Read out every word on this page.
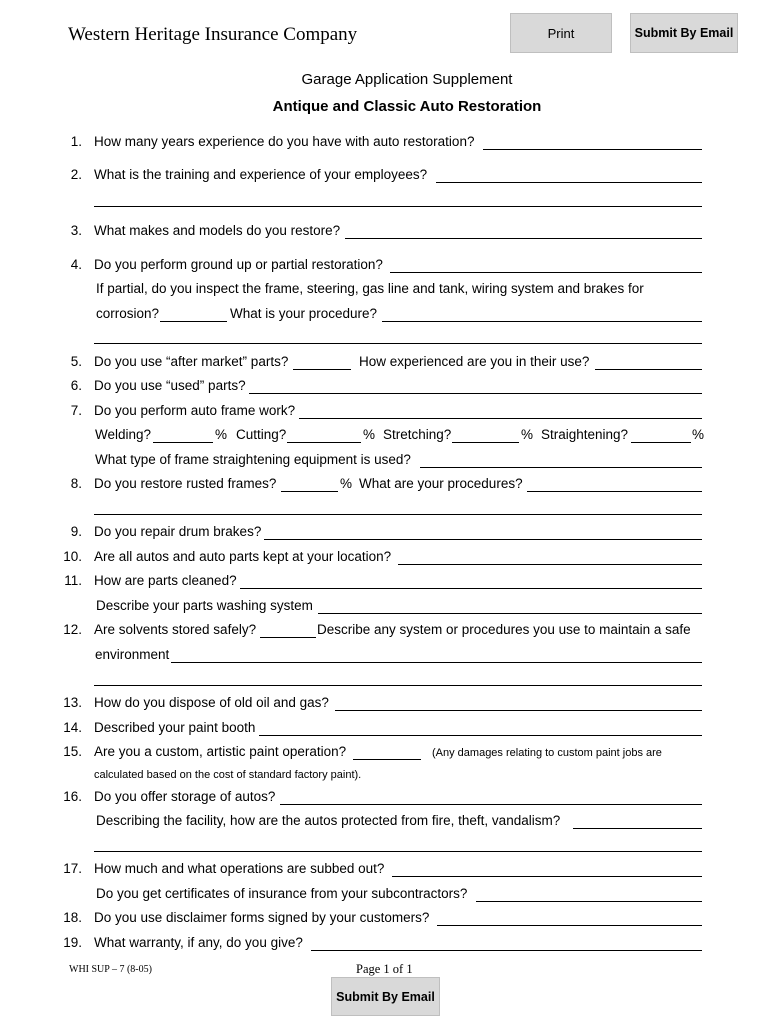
Western Heritage Insurance Company	Print	Submit By Email
Garage Application Supplement
Antique and Classic Auto Restoration
1. How many years experience do you have with auto restoration?
2. What is the training and experience of your employees?
3. What makes and models do you restore?
4. Do you perform ground up or partial restoration?
If partial, do you inspect the frame, steering, gas line and tank, wiring system and brakes for
corrosion?	What is your procedure?
5. Do you use “after market” parts?	How experienced are you in their use?
6. Do you use “used” parts?
7. Do you perform auto frame work?
Welding?	% Cutting?	% Stretching?	% Straightening?	%
What type of frame straightening equipment is used?
8. Do you restore rusted frames?	% What are your procedures?
9. Do you repair drum brakes?
10. Are all autos and auto parts kept at your location?
11. How are parts cleaned?
Describe your parts washing system
12. Are solvents stored safely?	Describe any system or procedures you use to maintain a safe
environment
13. How do you dispose of old oil and gas?
14. Described your paint booth
15. Are you a custom, artistic paint operation?	(Any damages relating to custom paint jobs are
calculated based on the cost of standard factory paint).
16. Do you offer storage of autos?
Describing the facility, how are the autos protected from fire, theft, vandalism?
17. How much and what operations are subbed out?
Do you get certificates of insurance from your subcontractors?
18. Do you use disclaimer forms signed by your customers?
19. What warranty, if any, do you give?
WHI SUP – 7 (8-05)	Page 1 of 1
Submit By Email
